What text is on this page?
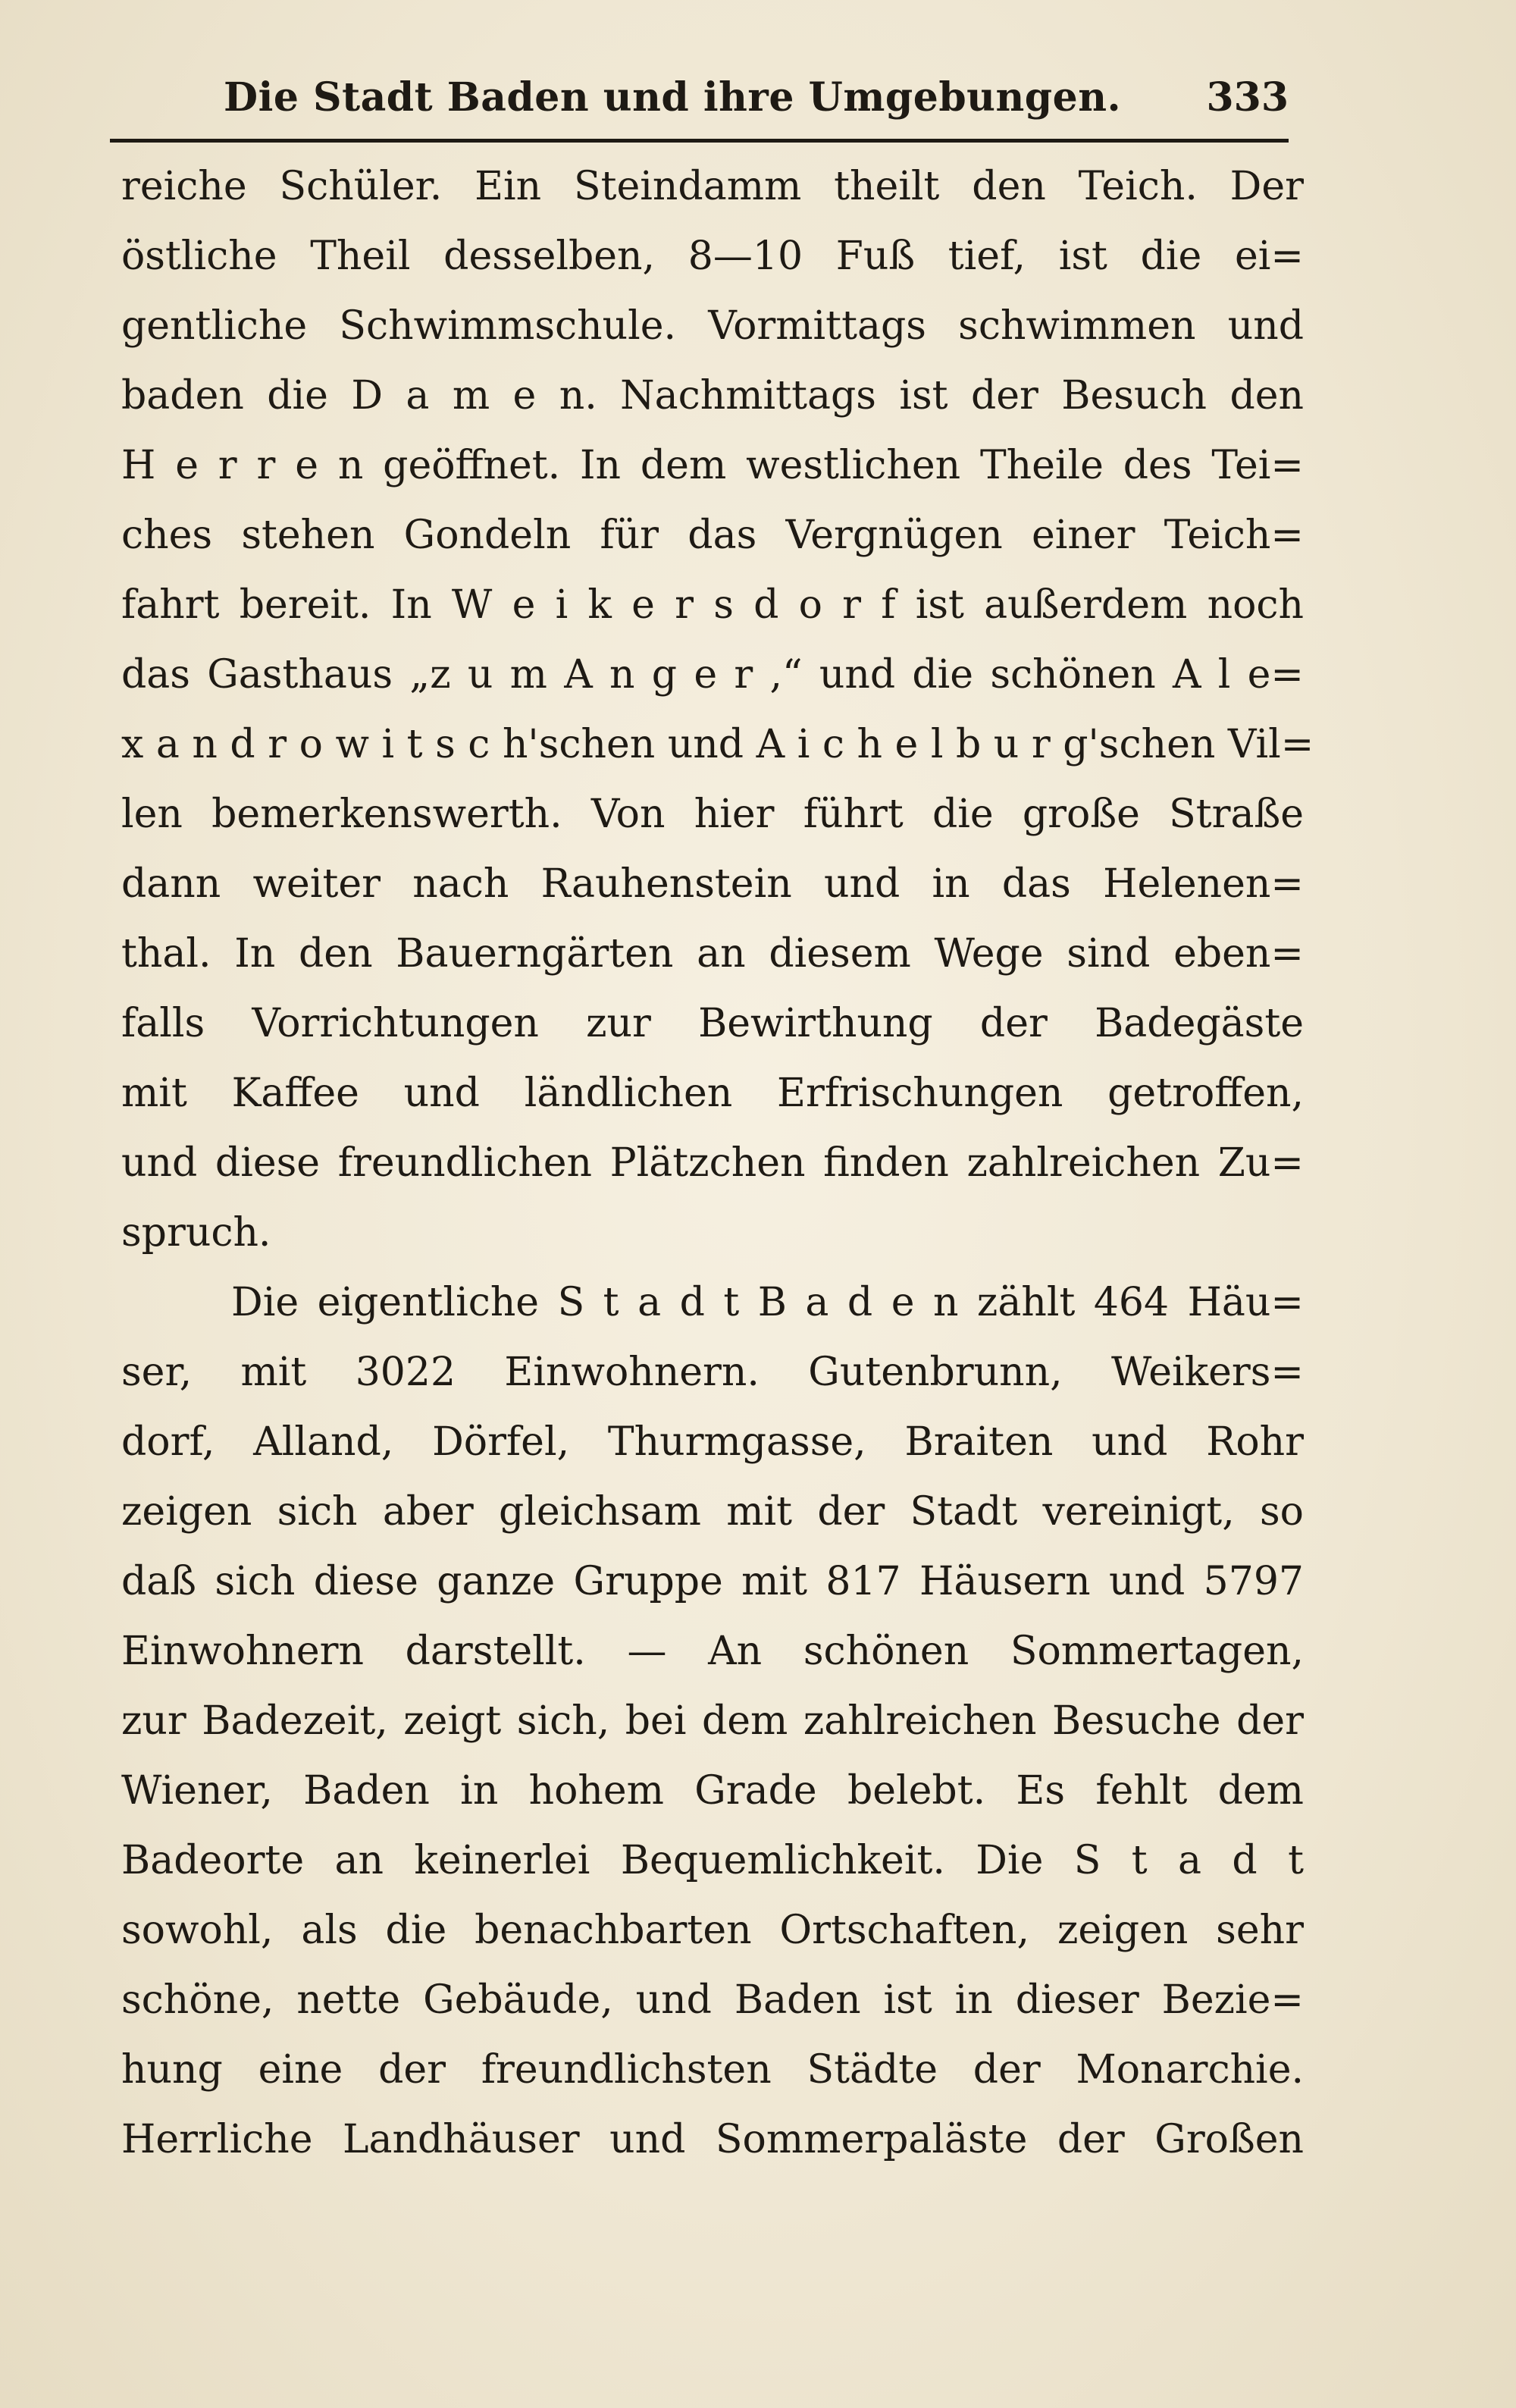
Die Stadt Baden und ihre Umgebungen. 333
reiche Schüler. Ein Steindamm theilt den Teich. Der
östliche Theil desselben, 8—10 Fuß tief, ist die ei=
gentliche Schwimmschule. Vormittags schwimmen und
baden die D a m e n. Nachmittags ist der Besuch den
H e r r e n geöffnet. In dem westlichen Theile des Tei=
ches stehen Gondeln für das Vergnügen einer Teich=
fahrt bereit. In W e i k e r s d o r f ist außerdem noch
das Gasthaus „z u m A n g e r ,“ und die schönen A l e=
x a n d r o w i t s c h'schen und A i c h e l b u r g'schen Vil=
len bemerkenswerth. Von hier führt die große Straße
dann weiter nach Rauhenstein und in das Helenen=
thal. In den Bauerngärten an diesem Wege sind eben=
falls Vorrichtungen zur Bewirthung der Badegäste
mit Kaffee und ländlichen Erfrischungen getroffen,
und diese freundlichen Plätzchen finden zahlreichen Zu=
spruch.
Die eigentliche S t a d t B a d e n zählt 464 Häu=
ser, mit 3022 Einwohnern. Gutenbrunn, Weikers=
dorf, Alland, Dörfel, Thurmgasse, Braiten und Rohr
zeigen sich aber gleichsam mit der Stadt vereinigt, so
daß sich diese ganze Gruppe mit 817 Häusern und 5797
Einwohnern darstellt. — An schönen Sommertagen,
zur Badezeit, zeigt sich, bei dem zahlreichen Besuche der
Wiener, Baden in hohem Grade belebt. Es fehlt dem
Badeorte an keinerlei Bequemlichkeit. Die S t a d t
sowohl, als die benachbarten Ortschaften, zeigen sehr
schöne, nette Gebäude, und Baden ist in dieser Bezie=
hung eine der freundlichsten Städte der Monarchie.
Herrliche Landhäuser und Sommerpaläste der Großen
